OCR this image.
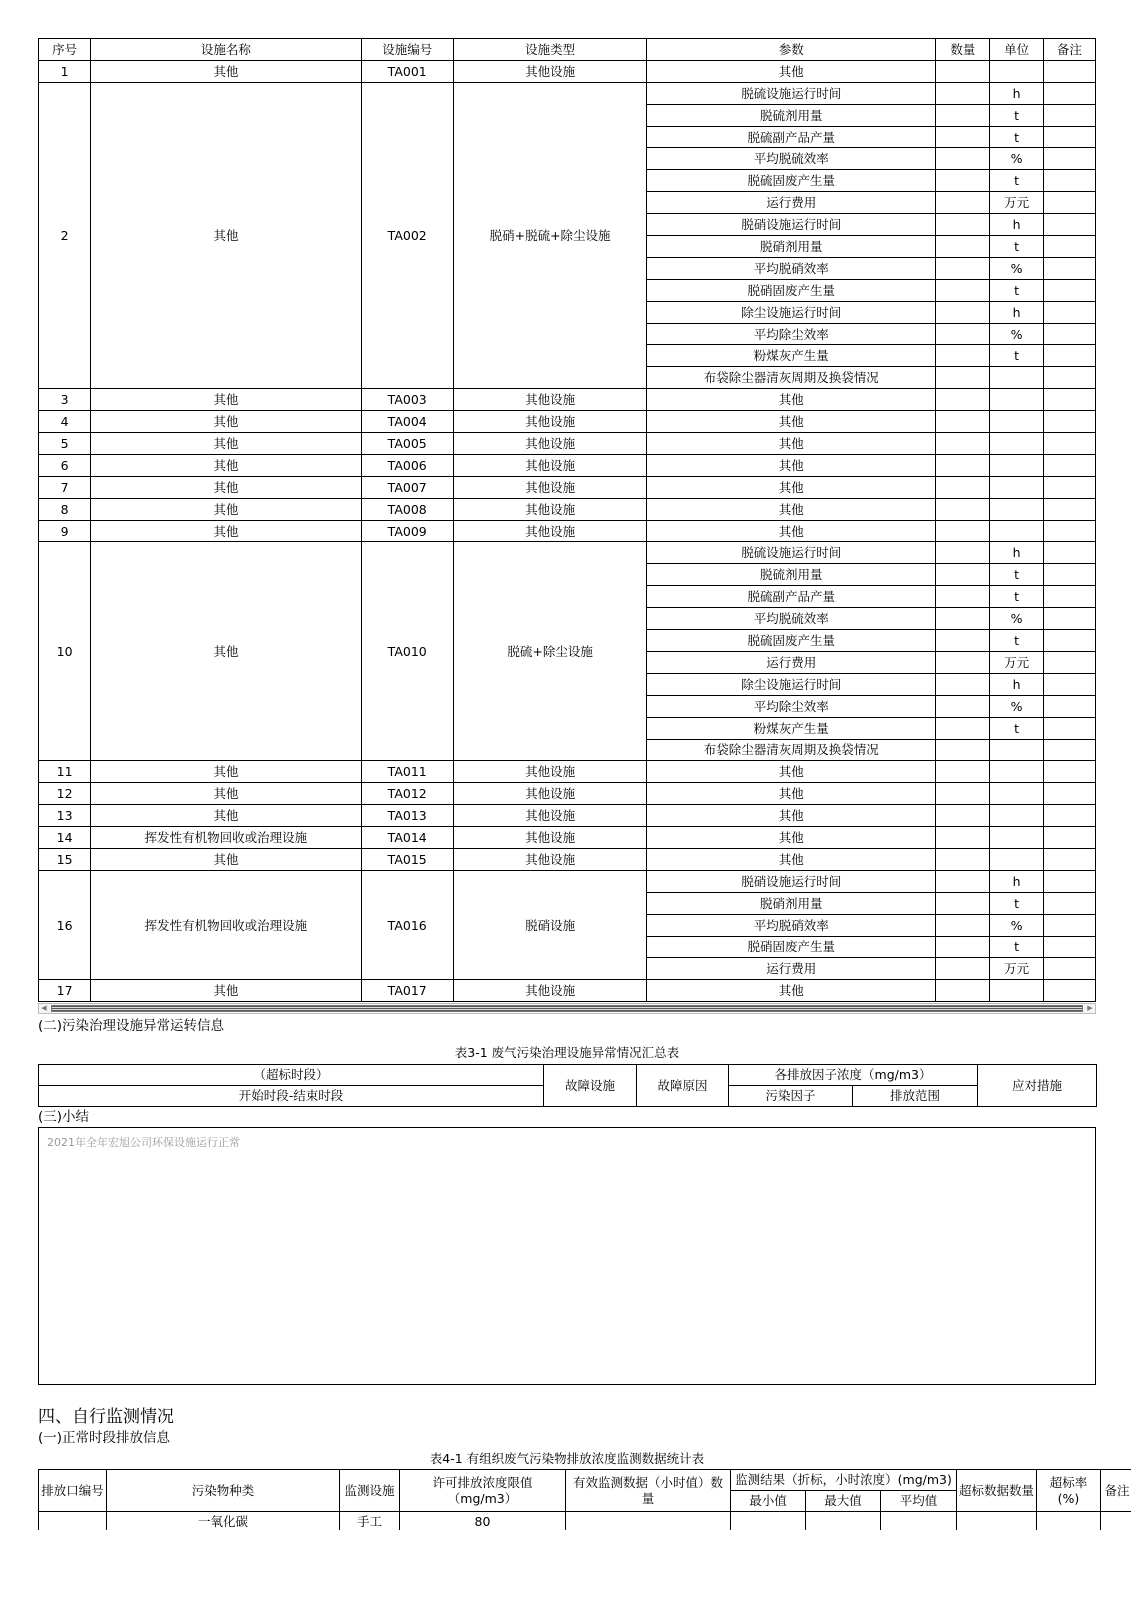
序号	设施名称	设施编号	设施类型	参数	数量	单位	备注
1	其他	TA001	其他设施	其他			
2	其他	TA002	脱硝+脱硫+除尘设施	脱硫设施运行时间		h	
				脱硫剂用量		t	
				脱硫副产品产量		t	
				平均脱硫效率		%	
				脱硫固废产生量		t	
				运行费用		万元	
				脱硝设施运行时间		h	
				脱硝剂用量		t	
				平均脱硝效率		%	
				脱硝固废产生量		t	
				除尘设施运行时间		h	
				平均除尘效率		%	
				粉煤灰产生量		t	
				布袋除尘器清灰周期及换袋情况			
3	其他	TA003	其他设施	其他			
4	其他	TA004	其他设施	其他			
5	其他	TA005	其他设施	其他			
6	其他	TA006	其他设施	其他			
7	其他	TA007	其他设施	其他			
8	其他	TA008	其他设施	其他			
9	其他	TA009	其他设施	其他			
10	其他	TA010	脱硫+除尘设施	脱硫设施运行时间		h	
				脱硫剂用量		t	
				脱硫副产品产量		t	
				平均脱硫效率		%	
				脱硫固废产生量		t	
				运行费用		万元	
				除尘设施运行时间		h	
				平均除尘效率		%	
				粉煤灰产生量		t	
				布袋除尘器清灰周期及换袋情况			
11	其他	TA011	其他设施	其他			
12	其他	TA012	其他设施	其他			
13	其他	TA013	其他设施	其他			
14	挥发性有机物回收或治理设施	TA014	其他设施	其他			
15	其他	TA015	其他设施	其他			
16	挥发性有机物回收或治理设施	TA016	脱硝设施	脱硝设施运行时间		h	
				脱硝剂用量		t	
				平均脱硝效率		%	
				脱硝固废产生量		t	
				运行费用		万元	
17	其他	TA017	其他设施	其他			
◀	▶
(二)污染治理设施异常运转信息
表3-1 废气污染治理设施异常情况汇总表
（超标时段）	故障设施	故障原因	各排放因子浓度（mg/m3）		应对措施
开始时段-结束时段			污染因子	排放范围	
(三)小结
2021年全年宏旭公司环保设施运行正常
四、自行监测情况
(一)正常时段排放信息
表4-1 有组织废气污染物排放浓度监测数据统计表
排放口编号	污染物种类	监测设施	许可排放浓度限值（mg/m3）	有效监测数据（小时值）数量	监测结果（折标，小时浓度）(mg/m3)			超标数据数量	超标率(%)	备注
					最小值	最大值	平均值			
	一氧化碳	手工	80							
